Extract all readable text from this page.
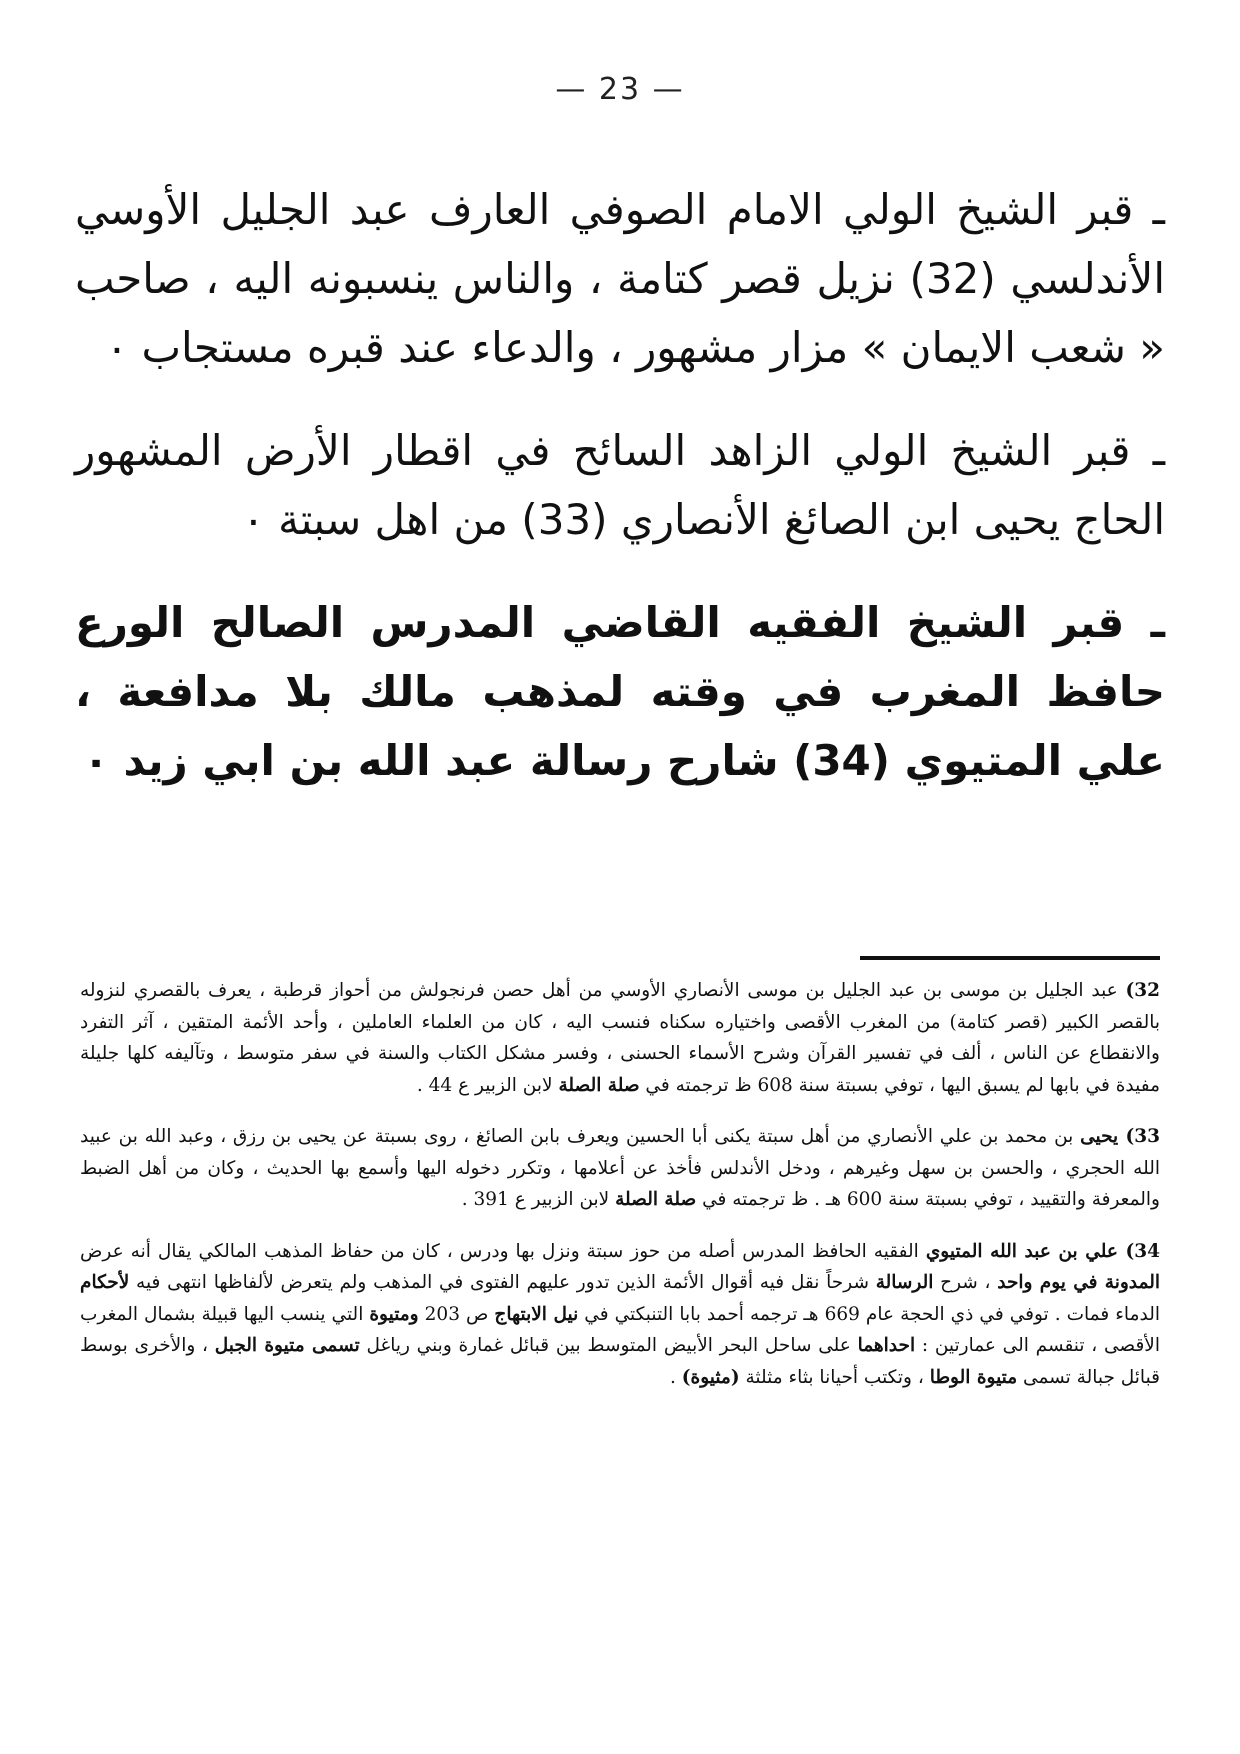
— 23 —

ـ قبر الشيخ الولي الامام الصوفي العارف عبد الجليل الأوسي الأندلسي (32) نزيل قصر كتامة ، والناس ينسبونه اليه ، صاحب « شعب الايمان » مزار مشهور ، والدعاء عند قبره مستجاب ٠

ـ قبر الشيخ الولي الزاهد السائح في اقطار الأرض المشهور الحاج يحيى ابن الصائغ الأنصاري (33) من اهل سبتة ٠

ـ قبر الشيخ الفقيه القاضي المدرس الصالح الورع حافظ المغرب في وقته لمذهب مالك بلا مدافعة ، علي المتيوي (34) شارح رسالة عبد الله بن ابي زيد ٠

32) عبد الجليل بن موسى بن عبد الجليل بن موسى الأنصاري الأوسي من أهل حصن فرنجولش من أحواز قرطبة ، يعرف بالقصري لنزوله بالقصر الكبير (قصر كتامة) من المغرب الأقصى واختياره سكناه فنسب اليه ، كان من العلماء العاملين ، وأحد الأئمة المتقين ، آثر التفرد والانقطاع عن الناس ، ألف في تفسير القرآن وشرح الأسماء الحسنى ، وفسر مشكل الكتاب والسنة في سفر متوسط ، وتآليفه كلها جليلة مفيدة في بابها لم يسبق اليها ، توفي بسبتة سنة 608 ظ ترجمته في صلة الصلة لابن الزبير ع 44 .

33) يحيى بن محمد بن علي الأنصاري من أهل سبتة يكنى أبا الحسين ويعرف بابن الصائغ ، روى بسبتة عن يحيى بن رزق ، وعبد الله بن عبيد الله الحجري ، والحسن بن سهل وغيرهم ، ودخل الأندلس فأخذ عن أعلامها ، وتكرر دخوله اليها وأسمع بها الحديث ، وكان من أهل الضبط والمعرفة والتقييد ، توفي بسبتة سنة 600 هـ . ظ ترجمته في صلة الصلة لابن الزبير ع 391 .

34) علي بن عبد الله المتيوي الفقيه الحافظ المدرس أصله من حوز سبتة ونزل بها ودرس ، كان من حفاظ المذهب المالكي يقال أنه عرض المدونة في يوم واحد ، شرح الرسالة شرحاً نقل فيه أقوال الأئمة الذين تدور عليهم الفتوى في المذهب ولم يتعرض لألفاظها انتهى فيه لأحكام الدماء فمات . توفي في ذي الحجة عام 669 هـ ترجمه أحمد بابا التنبكتي في نيل الابتهاج ص 203 ومتيوة التي ينسب اليها قبيلة بشمال المغرب الأقصى ، تنقسم الى عمارتين : احداهما على ساحل البحر الأبيض المتوسط بين قبائل غمارة وبني رياغل تسمى متيوة الجبل ، والأخرى بوسط قبائل جبالة تسمى متيوة الوطا ، وتكتب أحيانا بثاء مثلثة (مثيوة) .
